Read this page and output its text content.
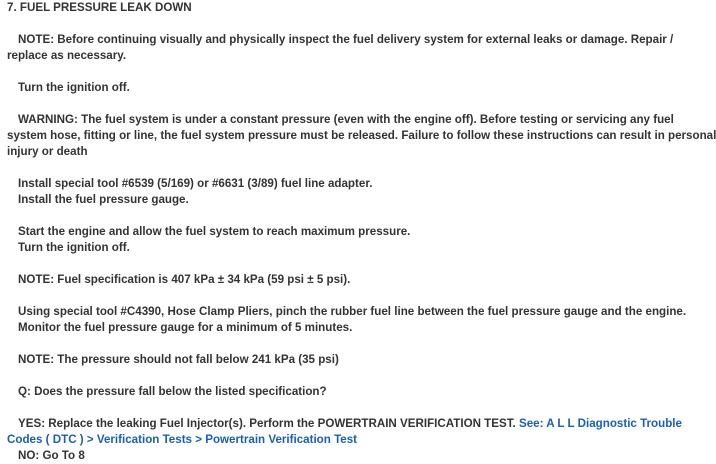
7. FUEL PRESSURE LEAK DOWN
NOTE: Before continuing visually and physically inspect the fuel delivery system for external leaks or damage. Repair /
replace as necessary.
Turn the ignition off.
WARNING: The fuel system is under a constant pressure (even with the engine off). Before testing or servicing any fuel
system hose, fitting or line, the fuel system pressure must be released. Failure to follow these instructions can result in personal
injury or death
Install special tool #6539 (5/169) or #6631 (3/89) fuel line adapter.
Install the fuel pressure gauge.
Start the engine and allow the fuel system to reach maximum pressure.
Turn the ignition off.
NOTE: Fuel specification is 407 kPa ± 34 kPa (59 psi ± 5 psi).
Using special tool #C4390, Hose Clamp Pliers, pinch the rubber fuel line between the fuel pressure gauge and the engine.
Monitor the fuel pressure gauge for a minimum of 5 minutes.
NOTE: The pressure should not fall below 241 kPa (35 psi)
Q: Does the pressure fall below the listed specification?
YES: Replace the leaking Fuel Injector(s). Perform the POWERTRAIN VERIFICATION TEST. See: A L L Diagnostic Trouble
Codes ( DTC ) > Verification Tests > Powertrain Verification Test
NO: Go To 8
